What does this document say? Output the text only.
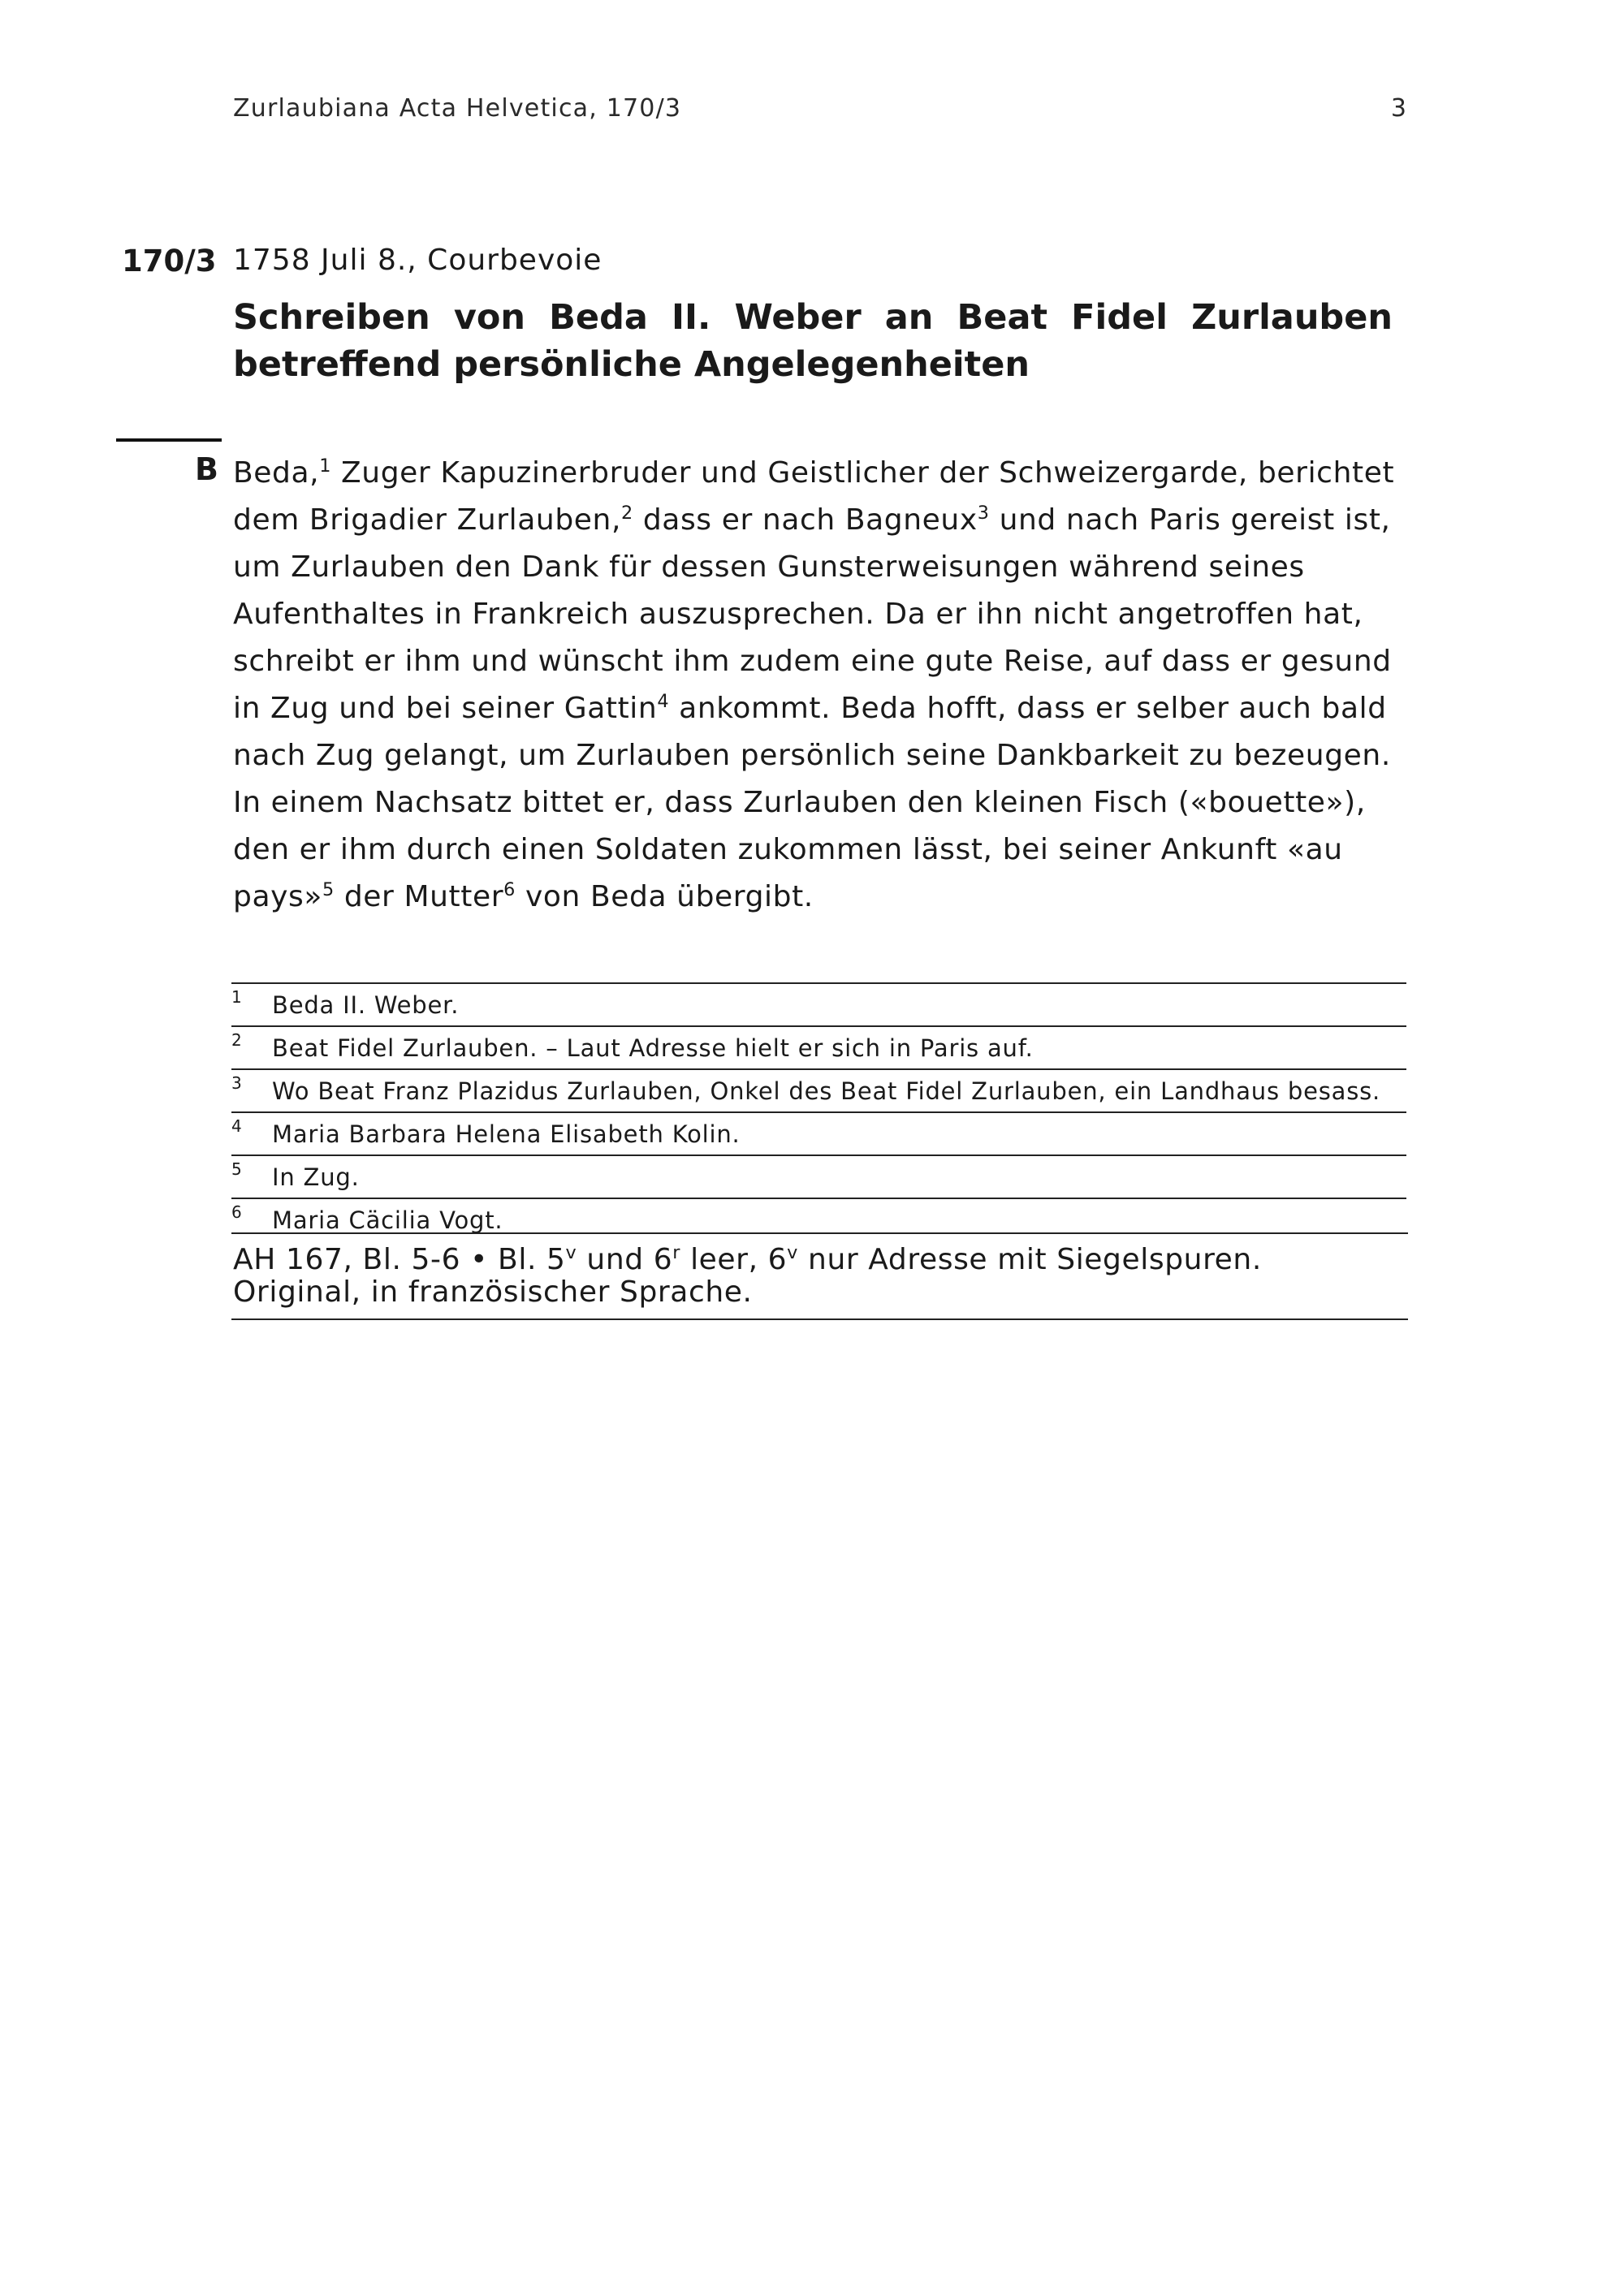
Zurlaubiana Acta Helvetica, 170/3	3
170/3 1758 Juli 8., Courbevoie
Schreiben von Beda II. Weber an Beat Fidel Zurlauben betreffend persönliche Angelegenheiten
B Beda,$^1$ Zuger Kapuzinerbruder und Geistlicher der Schweizergarde, berichtet dem Brigadier Zurlauben,$^2$ dass er nach Bagneux$^3$ und nach Paris gereist ist, um Zurlauben den Dank für dessen Gunsterweisungen während seines Aufenthaltes in Frankreich auszusprechen. Da er ihn nicht angetroffen hat, schreibt er ihm und wünscht ihm zudem eine gute Reise, auf dass er gesund in Zug und bei seiner Gattin$^4$ ankommt. Beda hofft, dass er selber auch bald nach Zug gelangt, um Zurlauben persönlich seine Dankbarkeit zu bezeugen.

In einem Nachsatz bittet er, dass Zurlauben den kleinen Fisch («bouette»), den er ihm durch einen Soldaten zukommen lässt, bei seiner Ankunft «au pays»$^5$ der Mutter$^6$ von Beda übergibt.

1	Beda II. Weber.
2	Beat Fidel Zurlauben. – Laut Adresse hielt er sich in Paris auf.
3	Wo Beat Franz Plazidus Zurlauben, Onkel des Beat Fidel Zurlauben, ein Landhaus besass.
4	Maria Barbara Helena Elisabeth Kolin.
5	In Zug.
6	Maria Cäcilia Vogt.
AH 167, Bl. 5-6 • Bl. 5$^v$ und 6$^r$ leer, 6$^v$ nur Adresse mit Siegelspuren.
Original, in französischer Sprache.
